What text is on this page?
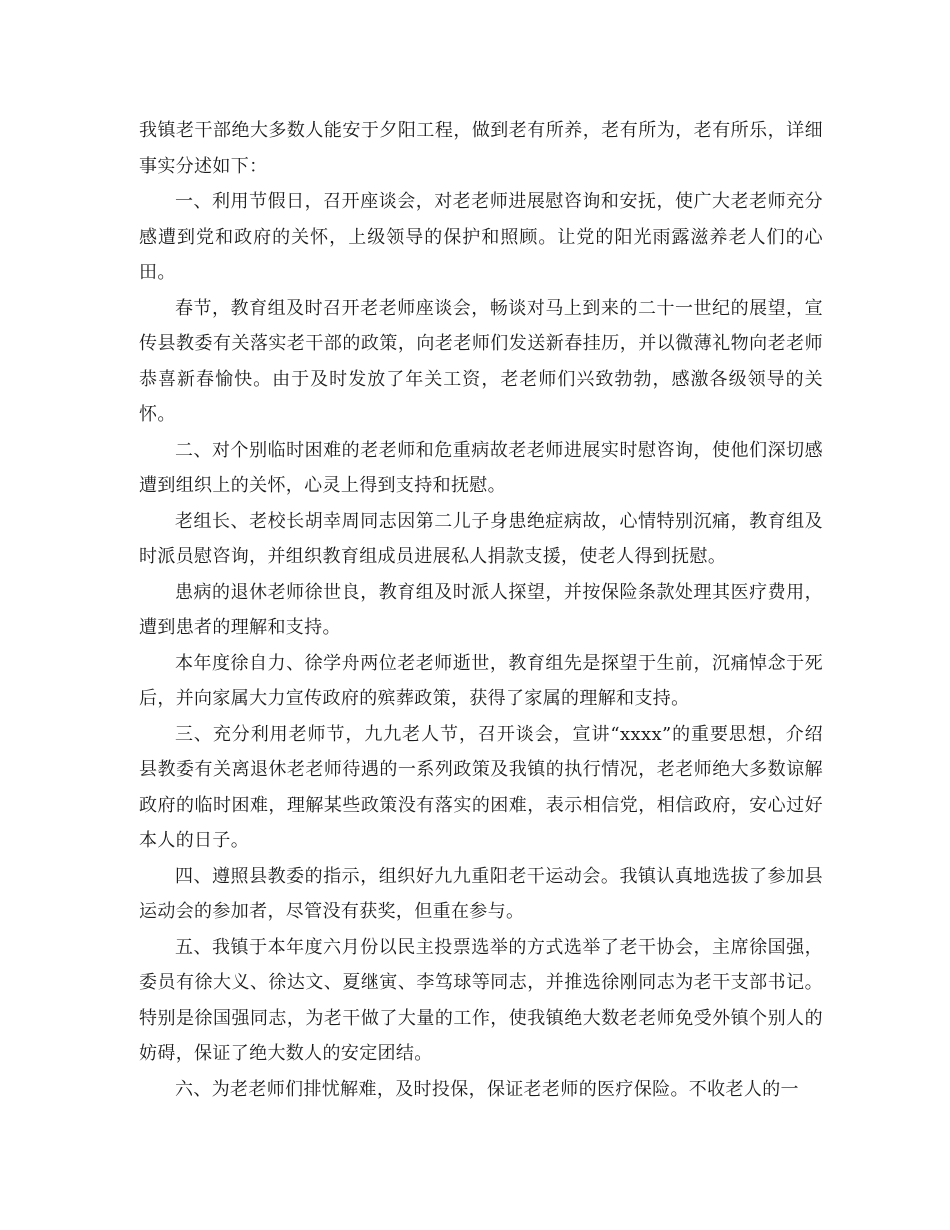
我镇老干部绝大多数人能安于夕阳工程，做到老有所养，老有所为，老有所乐，详细事实分述如下：

一、利用节假日，召开座谈会，对老老师进展慰咨询和安抚，使广大老老师充分感遭到党和政府的关怀，上级领导的保护和照顾。让党的阳光雨露滋养老人们的心田。

春节，教育组及时召开老老师座谈会，畅谈对马上到来的二十一世纪的展望，宣传县教委有关落实老干部的政策，向老老师们发送新春挂历，并以微薄礼物向老老师恭喜新春愉快。由于及时发放了年关工资，老老师们兴致勃勃，感激各级领导的关怀。

二、对个别临时困难的老老师和危重病故老老师进展实时慰咨询，使他们深切感遭到组织上的关怀，心灵上得到支持和抚慰。

老组长、老校长胡幸周同志因第二儿子身患绝症病故，心情特别沉痛，教育组及时派员慰咨询，并组织教育组成员进展私人捐款支援，使老人得到抚慰。

患病的退休老师徐世良，教育组及时派人探望，并按保险条款处理其医疗费用，遭到患者的理解和支持。

本年度徐自力、徐学舟两位老老师逝世，教育组先是探望于生前，沉痛悼念于死后，并向家属大力宣传政府的殡葬政策，获得了家属的理解和支持。

三、充分利用老师节，九九老人节，召开谈会，宣讲“xxxx”的重要思想，介绍县教委有关离退休老老师待遇的一系列政策及我镇的执行情况，老老师绝大多数谅解政府的临时困难，理解某些政策没有落实的困难，表示相信党，相信政府，安心过好本人的日子。

四、遵照县教委的指示，组织好九九重阳老干运动会。我镇认真地选拔了参加县运动会的参加者，尽管没有获奖，但重在参与。

五、我镇于本年度六月份以民主投票选举的方式选举了老干协会，主席徐国强，委员有徐大义、徐达文、夏继寅、李笃球等同志，并推选徐刚同志为老干支部书记。特别是徐国强同志，为老干做了大量的工作，使我镇绝大数老老师免受外镇个别人的妨碍，保证了绝大数人的安定团结。

六、为老老师们排忧解难，及时投保，保证老老师的医疗保险。不收老人的一
